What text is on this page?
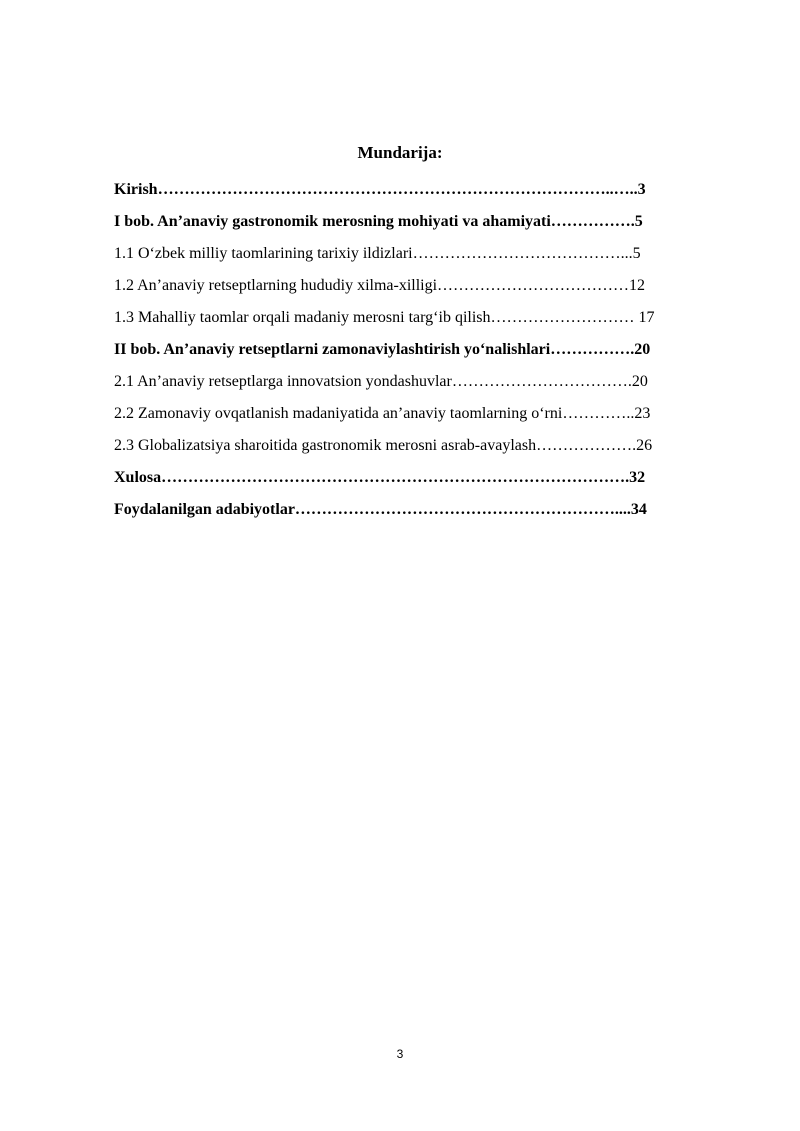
Mundarija:

Kirish…………………………………………………………………………..…..3

I bob. An’anaviy gastronomik merosning mohiyati va ahamiyati…………….5

1.1 O‘zbek milliy taomlarining tarixiy ildizlari…………………………………...5

1.2 An’anaviy retseptlarning hududiy xilma-xilligi………………………………12

1.3 Mahalliy taomlar orqali madaniy merosni targ‘ib qilish……………………… 17

II bob. An’anaviy retseptlarni zamonaviylashtirish yo‘nalishlari…………….20

2.1 An’anaviy retseptlarga innovatsion yondashuvlar…………………………….20

2.2 Zamonaviy ovqatlanish madaniyatida an’anaviy taomlarning o‘rni…………..23

2.3 Globalizatsiya sharoitida gastronomik merosni asrab-avaylash……………….26

Xulosa…………………………………………………………………………….32

Foydalanilgan adabiyotlar……………………………………………………....34

3
